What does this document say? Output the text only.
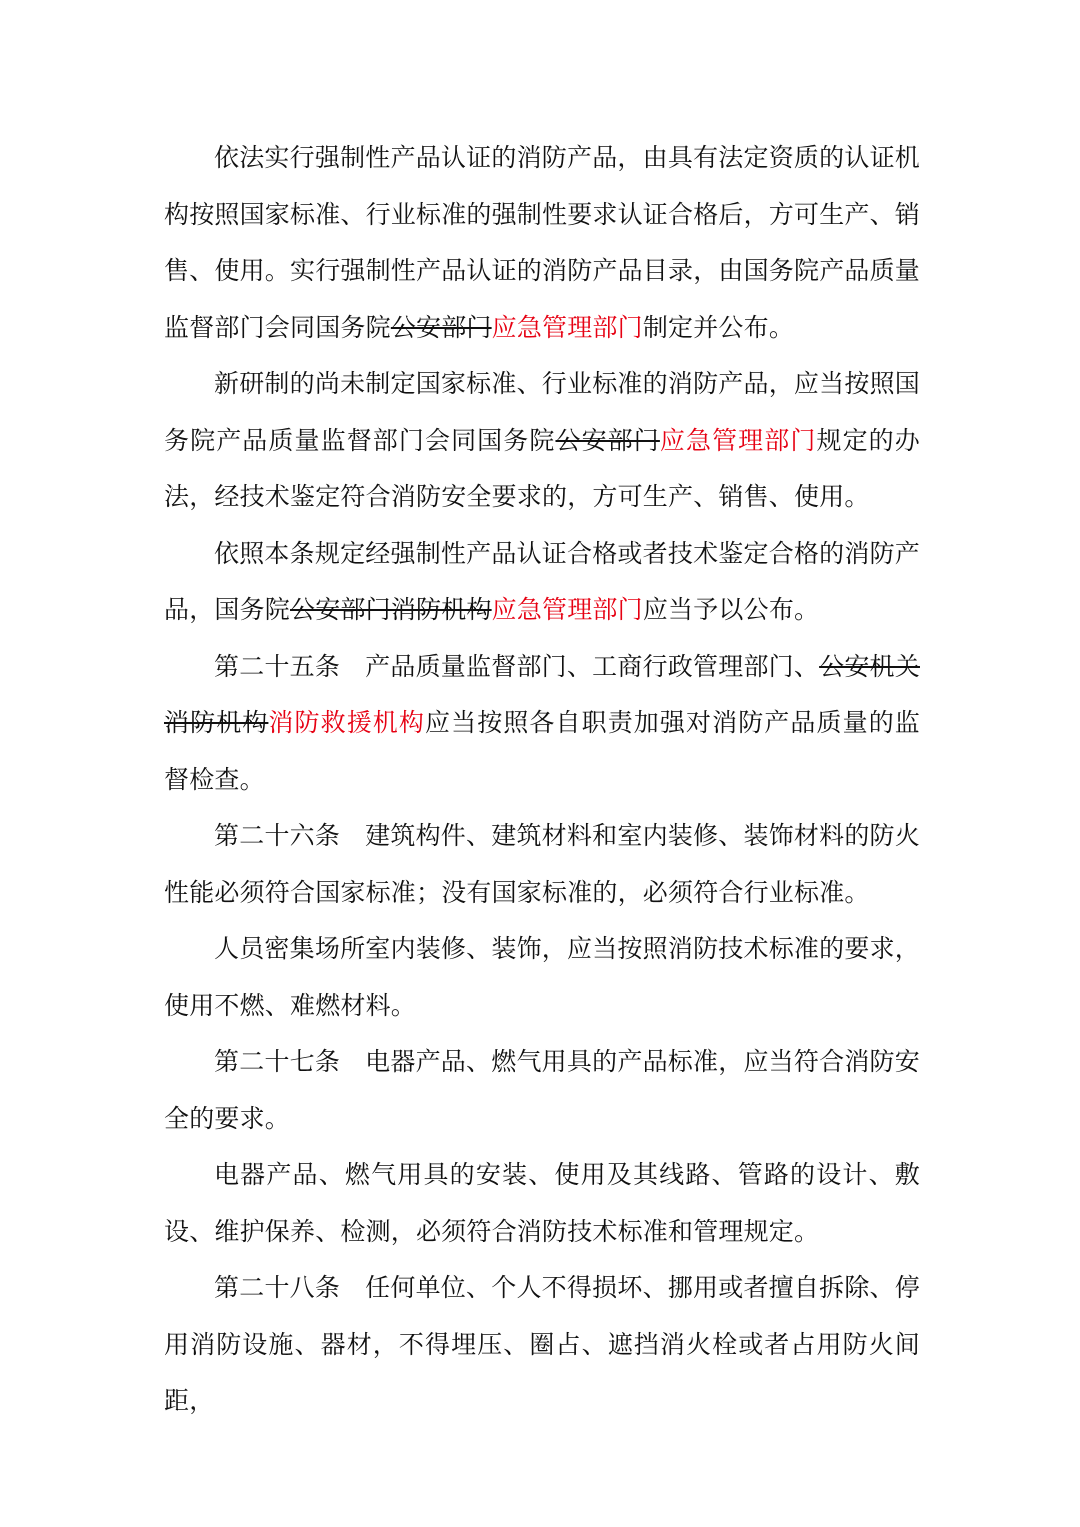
依法实行强制性产品认证的消防产品，由具有法定资质的认证机构按照国家标准、行业标准的强制性要求认证合格后，方可生产、销售、使用。实行强制性产品认证的消防产品目录，由国务院产品质量监督部门会同国务院公安部门应急管理部门制定并公布。

新研制的尚未制定国家标准、行业标准的消防产品，应当按照国务院产品质量监督部门会同国务院公安部门应急管理部门规定的办法，经技术鉴定符合消防安全要求的，方可生产、销售、使用。

依照本条规定经强制性产品认证合格或者技术鉴定合格的消防产品，国务院公安部门消防机构应急管理部门应当予以公布。

第二十五条 产品质量监督部门、工商行政管理部门、公安机关消防机构消防救援机构应当按照各自职责加强对消防产品质量的监督检查。

第二十六条 建筑构件、建筑材料和室内装修、装饰材料的防火性能必须符合国家标准；没有国家标准的，必须符合行业标准。

人员密集场所室内装修、装饰，应当按照消防技术标准的要求，使用不燃、难燃材料。

第二十七条 电器产品、燃气用具的产品标准，应当符合消防安全的要求。

电器产品、燃气用具的安装、使用及其线路、管路的设计、敷设、维护保养、检测，必须符合消防技术标准和管理规定。

第二十八条 任何单位、个人不得损坏、挪用或者擅自拆除、停用消防设施、器材，不得埋压、圈占、遮挡消火栓或者占用防火间距，
